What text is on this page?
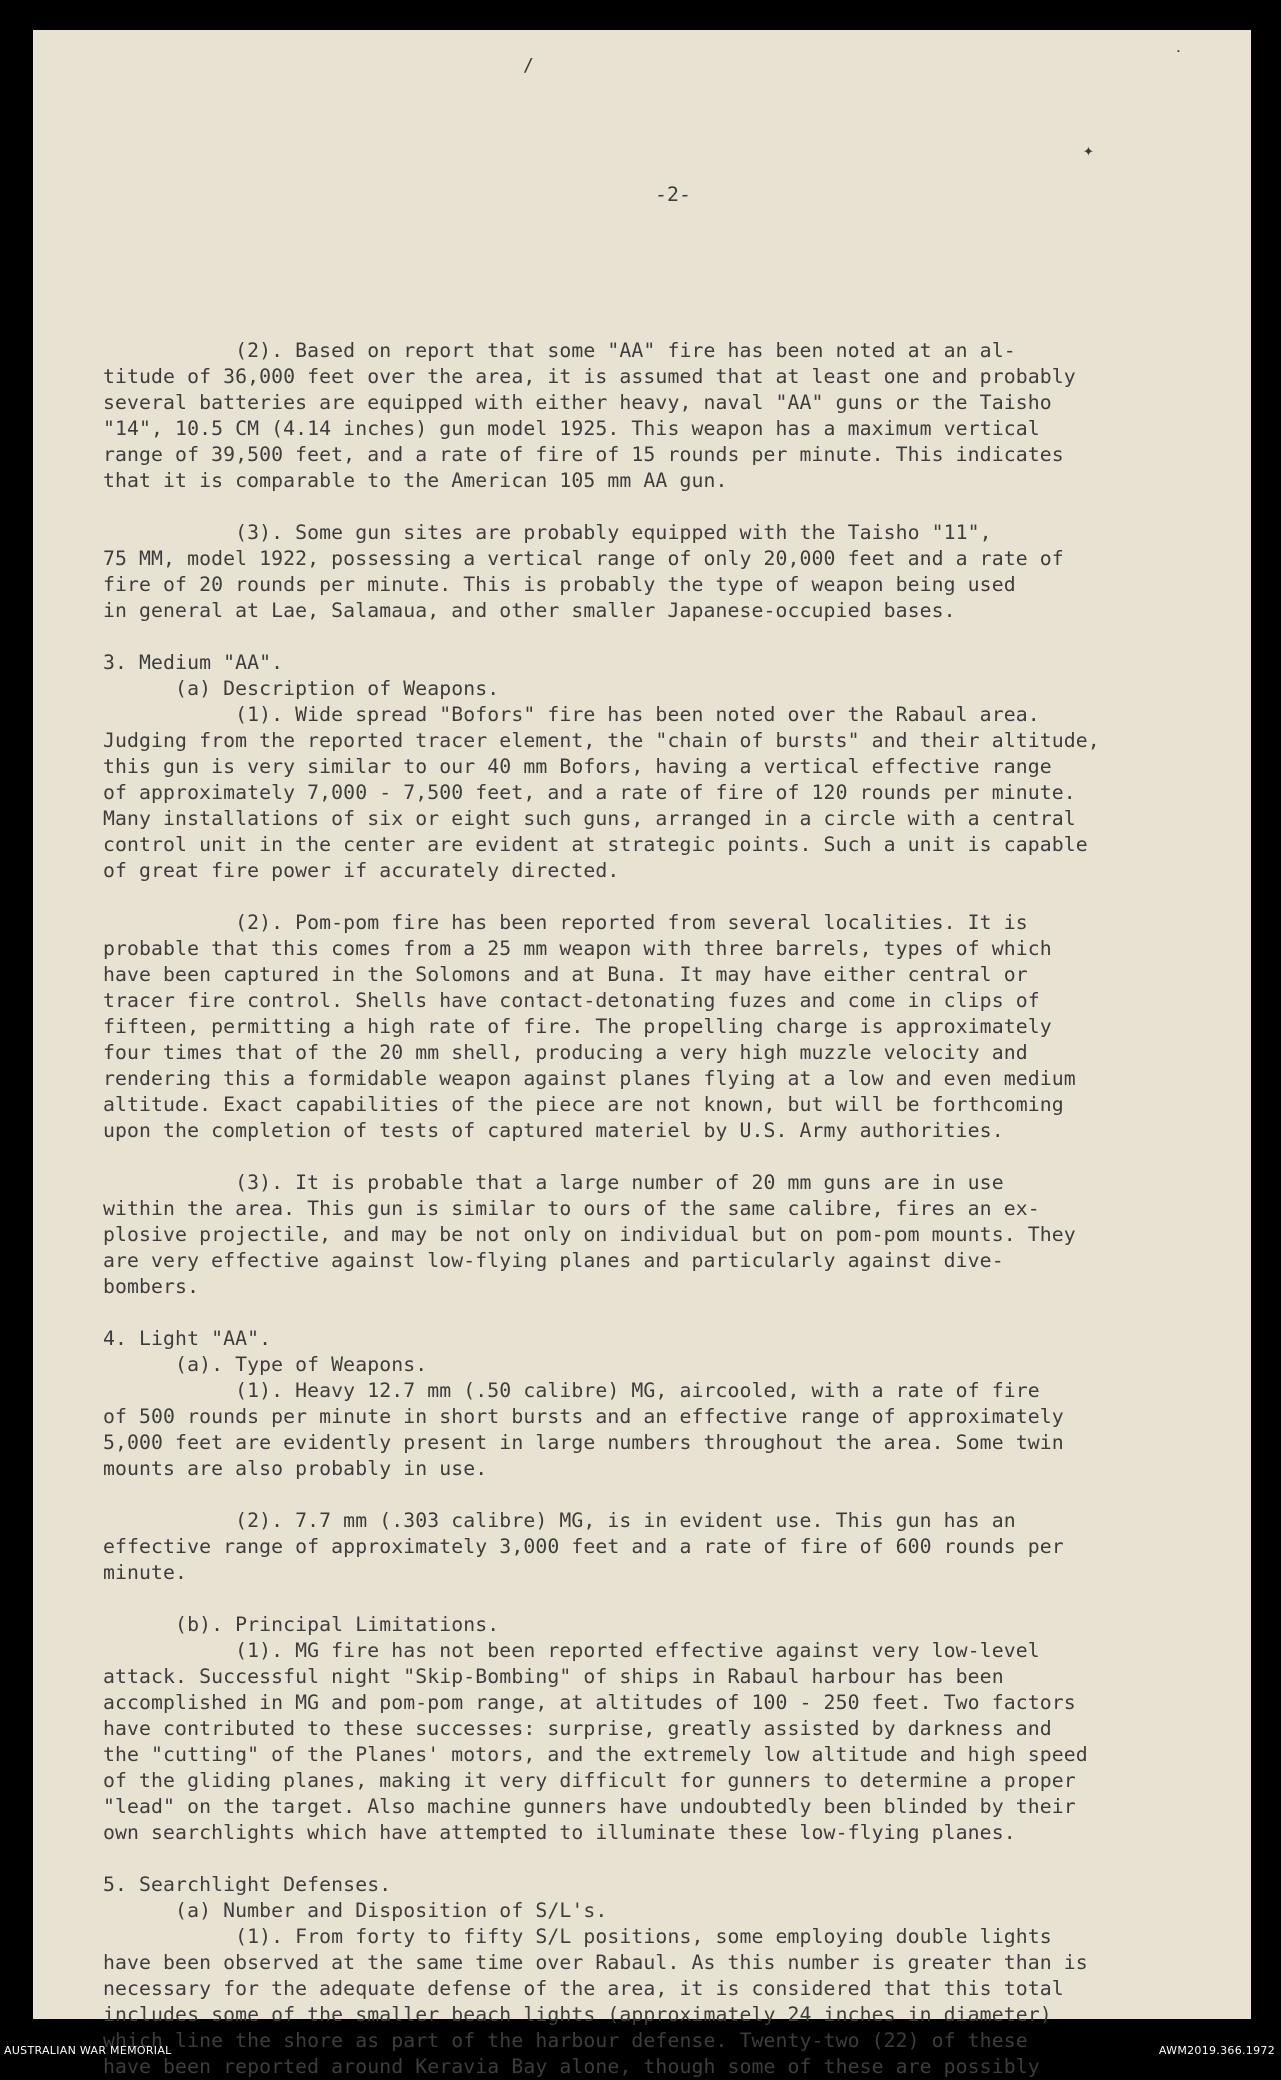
/
✦
˙

-2-

(2). Based on report that some "AA" fire has been noted at an al-
titude of 36,000 feet over the area, it is assumed that at least one and probably
several batteries are equipped with either heavy, naval "AA" guns or the Taisho
"14", 10.5 CM (4.14 inches) gun model 1925. This weapon has a maximum vertical
range of 39,500 feet, and a rate of fire of 15 rounds per minute. This indicates
that it is comparable to the American 105 mm AA gun.
(3). Some gun sites are probably equipped with the Taisho "11",
75 MM, model 1922, possessing a vertical range of only 20,000 feet and a rate of
fire of 20 rounds per minute. This is probably the type of weapon being used
in general at Lae, Salamaua, and other smaller Japanese-occupied bases.
3. Medium "AA".
(a) Description of Weapons.
(1). Wide spread "Bofors" fire has been noted over the Rabaul area.
Judging from the reported tracer element, the "chain of bursts" and their altitude,
this gun is very similar to our 40 mm Bofors, having a vertical effective range
of approximately 7,000 - 7,500 feet, and a rate of fire of 120 rounds per minute.
Many installations of six or eight such guns, arranged in a circle with a central
control unit in the center are evident at strategic points. Such a unit is capable
of great fire power if accurately directed.
(2). Pom-pom fire has been reported from several localities. It is
probable that this comes from a 25 mm weapon with three barrels, types of which
have been captured in the Solomons and at Buna. It may have either central or
tracer fire control. Shells have contact-detonating fuzes and come in clips of
fifteen, permitting a high rate of fire. The propelling charge is approximately
four times that of the 20 mm shell, producing a very high muzzle velocity and
rendering this a formidable weapon against planes flying at a low and even medium
altitude. Exact capabilities of the piece are not known, but will be forthcoming
upon the completion of tests of captured materiel by U.S. Army authorities.
(3). It is probable that a large number of 20 mm guns are in use
within the area. This gun is similar to ours of the same calibre, fires an ex-
plosive projectile, and may be not only on individual but on pom-pom mounts. They
are very effective against low-flying planes and particularly against dive-
bombers.
4. Light "AA".
(a). Type of Weapons.
(1). Heavy 12.7 mm (.50 calibre) MG, aircooled, with a rate of fire
of 500 rounds per minute in short bursts and an effective range of approximately
5,000 feet are evidently present in large numbers throughout the area. Some twin
mounts are also probably in use.
(2). 7.7 mm (.303 calibre) MG, is in evident use. This gun has an
effective range of approximately 3,000 feet and a rate of fire of 600 rounds per
minute.
(b). Principal Limitations.
(1). MG fire has not been reported effective against very low-level
attack. Successful night "Skip-Bombing" of ships in Rabaul harbour has been
accomplished in MG and pom-pom range, at altitudes of 100 - 250 feet. Two factors
have contributed to these successes: surprise, greatly assisted by darkness and
the "cutting" of the Planes' motors, and the extremely low altitude and high speed
of the gliding planes, making it very difficult for gunners to determine a proper
"lead" on the target. Also machine gunners have undoubtedly been blinded by their
own searchlights which have attempted to illuminate these low-flying planes.
5. Searchlight Defenses.
(a) Number and Disposition of S/L's.
(1). From forty to fifty S/L positions, some employing double lights
have been observed at the same time over Rabaul. As this number is greater than is
necessary for the adequate defense of the area, it is considered that this total
includes some of the smaller beach lights (approximately 24 inches in diameter)
which line the shore as part of the harbour defense. Twenty-two (22) of these
have been reported around Keravia Bay alone, though some of these are possibly
AUSTRALIAN WAR MEMORIAL	AWM2019.366.1972
